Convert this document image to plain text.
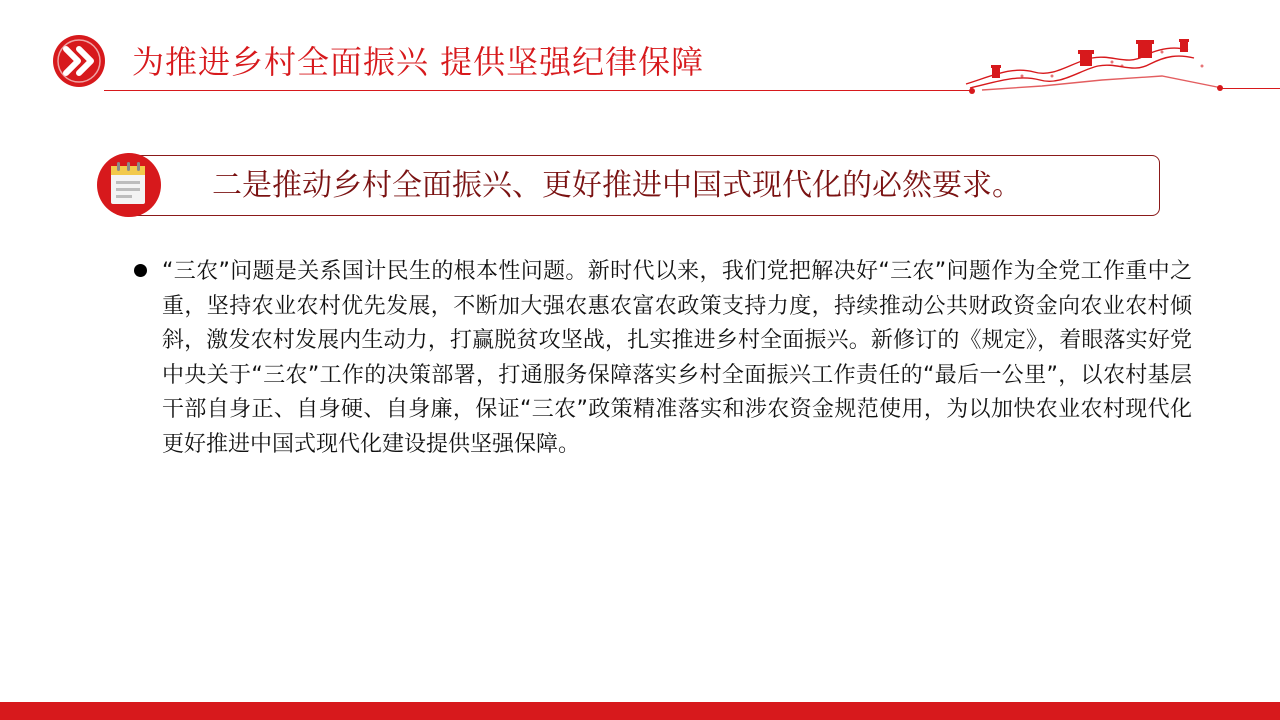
为推进乡村全面振兴 提供坚强纪律保障
二是推动乡村全面振兴、更好推进中国式现代化的必然要求。
“三农”问题是关系国计民生的根本性问题。新时代以来，我们党把解决好“三农”问题作为全党工作重中之重，坚持农业农村优先发展，不断加大强农惠农富农政策支持力度，持续推动公共财政资金向农业农村倾斜，激发农村发展内生动力，打赢脱贫攻坚战，扎实推进乡村全面振兴。新修订的《规定》，着眼落实好党中央关于“三农”工作的决策部署，打通服务保障落实乡村全面振兴工作责任的“最后一公里”，以农村基层干部自身正、自身硬、自身廉，保证“三农”政策精准落实和涉农资金规范使用，为以加快农业农村现代化更好推进中国式现代化建设提供坚强保障。
